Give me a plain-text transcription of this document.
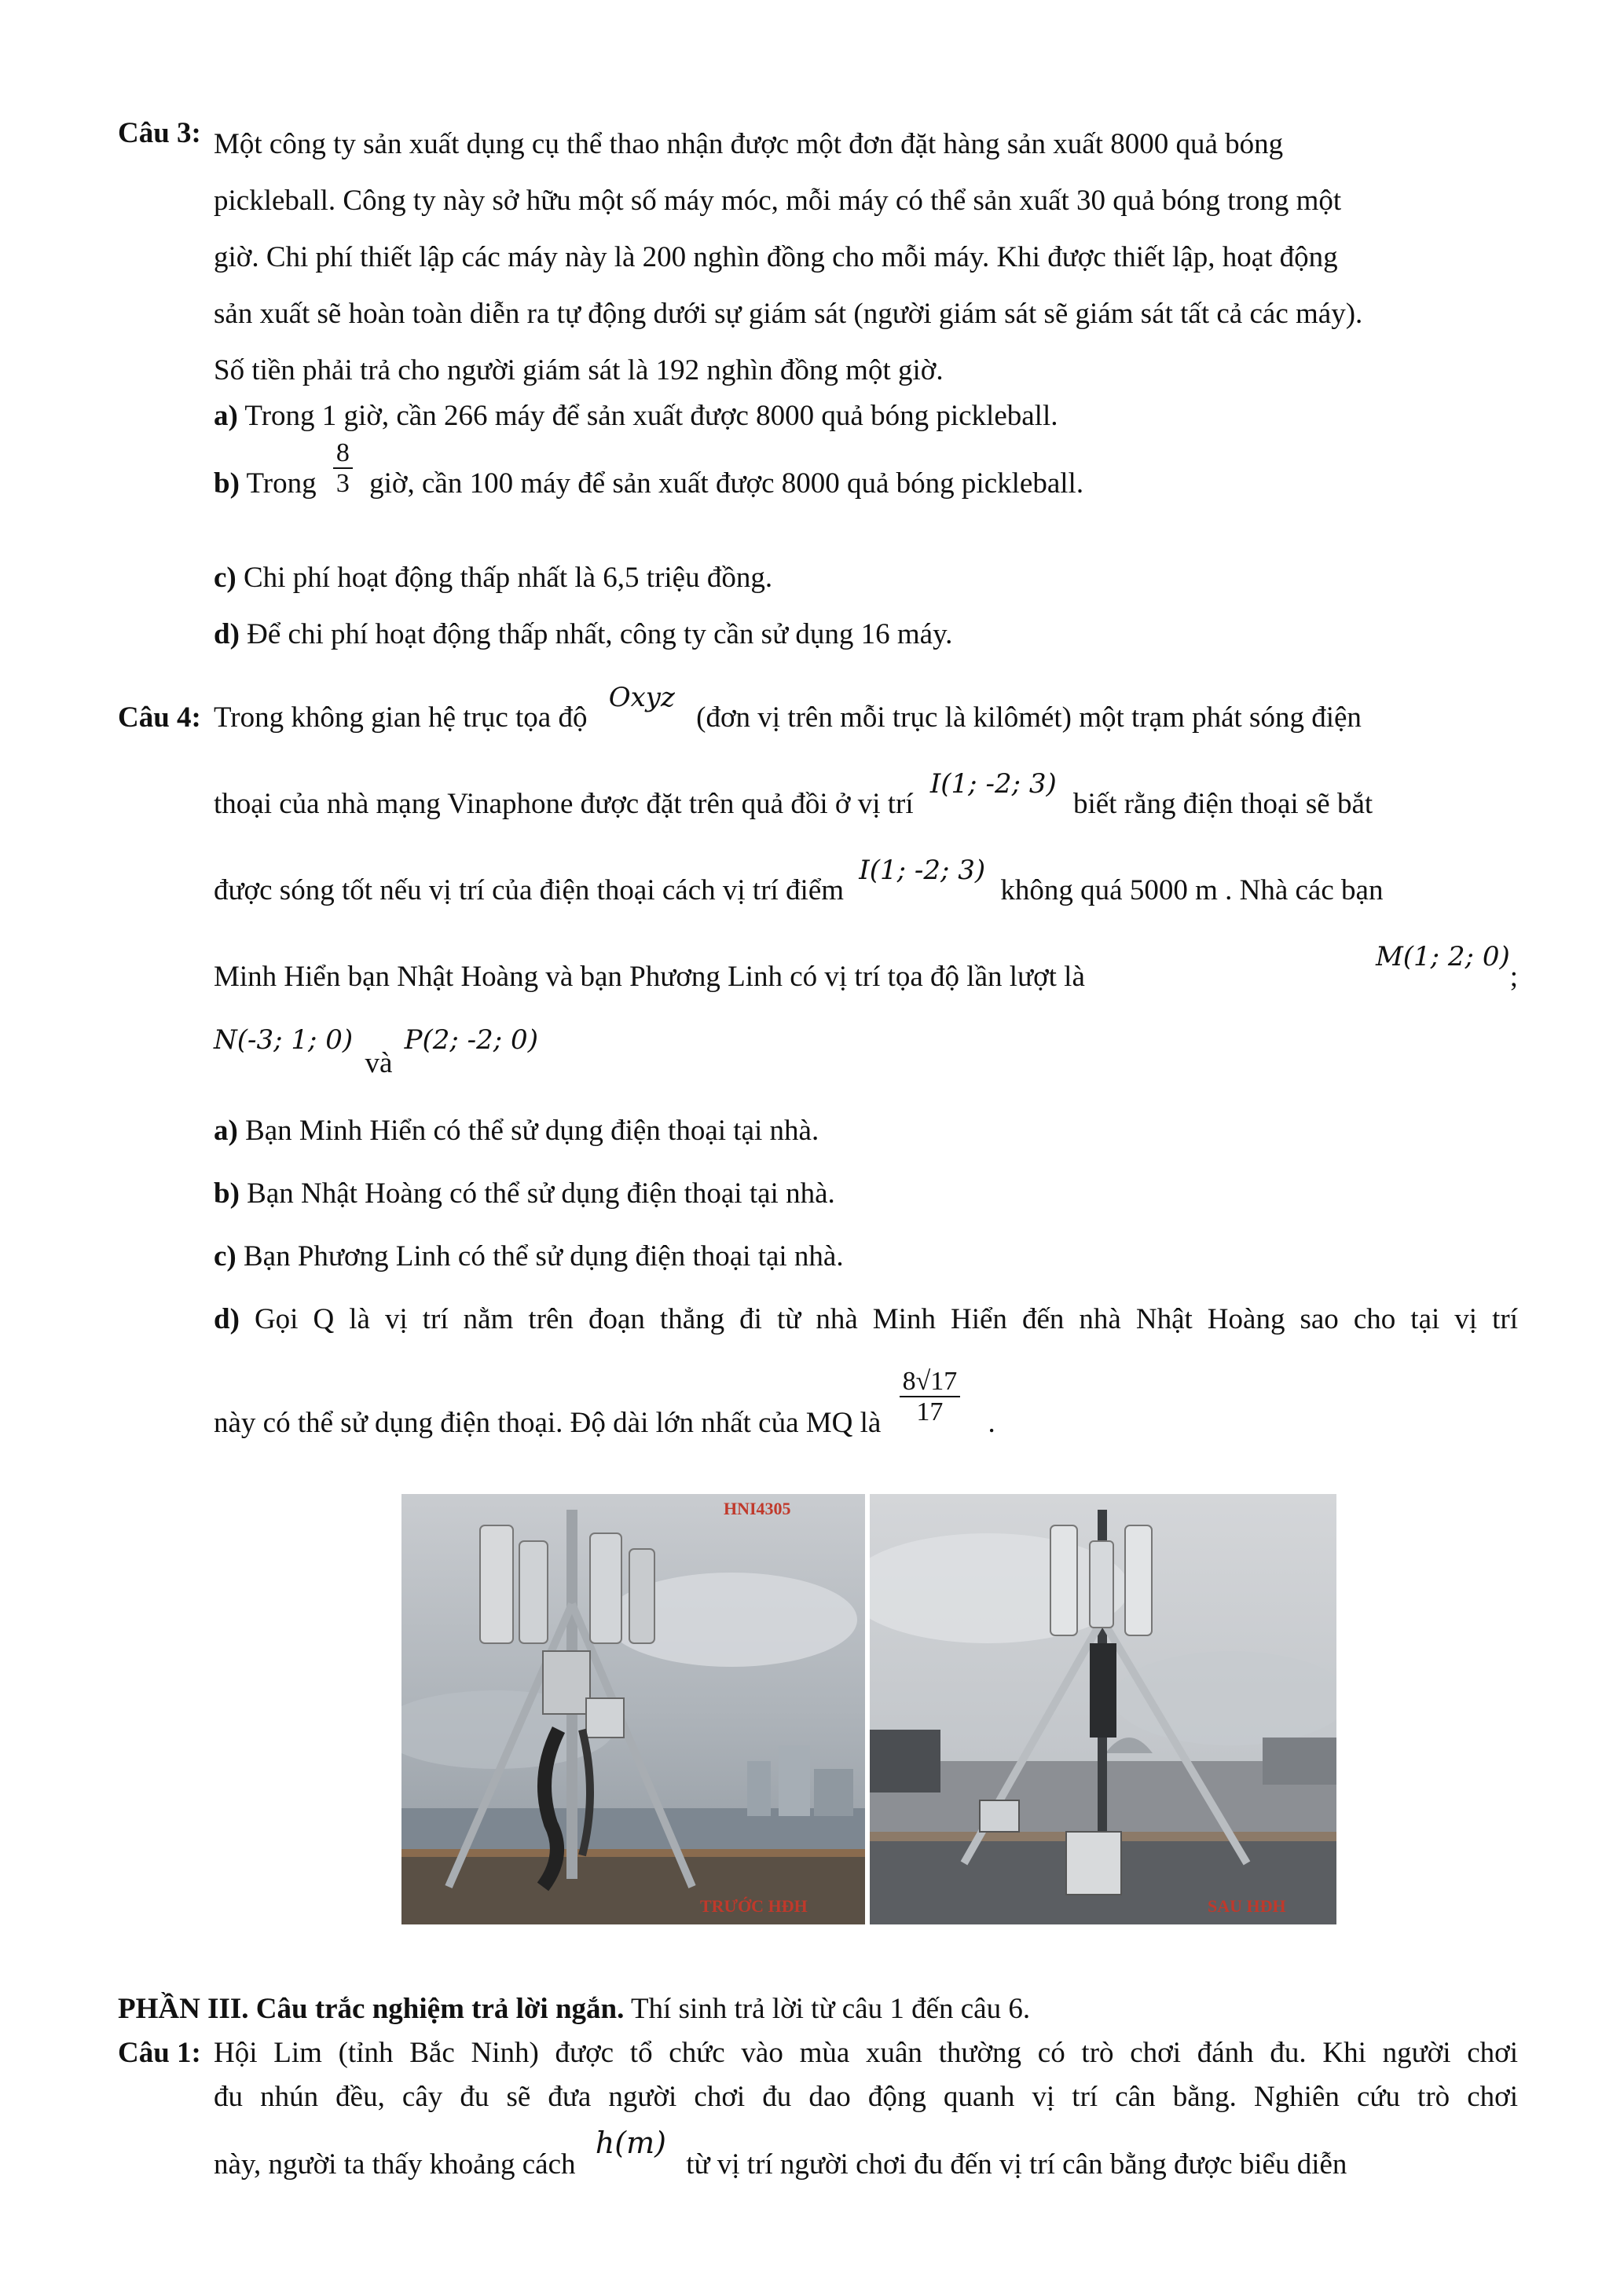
Câu 3: Một công ty sản xuất dụng cụ thể thao nhận được một đơn đặt hàng sản xuất 8000 quả bóng
pickleball. Công ty này sở hữu một số máy móc, mỗi máy có thể sản xuất 30 quả bóng trong một
giờ. Chi phí thiết lập các máy này là 200 nghìn đồng cho mỗi máy. Khi được thiết lập, hoạt động
sản xuất sẽ hoàn toàn diễn ra tự động dưới sự giám sát (người giám sát sẽ giám sát tất cả các máy).
Số tiền phải trả cho người giám sát là 192 nghìn đồng một giờ.
a) Trong 1 giờ, cần 266 máy để sản xuất được 8000 quả bóng pickleball.
b) Trong $\frac{8}{3}$ giờ, cần 100 máy để sản xuất được 8000 quả bóng pickleball.
c) Chi phí hoạt động thấp nhất là 6,5 triệu đồng.
d) Để chi phí hoạt động thấp nhất, công ty cần sử dụng 16 máy.
Câu 4: Trong không gian hệ trục tọa độ Oxyz (đơn vị trên mỗi trục là kilômét) một trạm phát sóng điện
thoại của nhà mạng Vinaphone được đặt trên quả đồi ở vị trí I(1; -2; 3) biết rằng điện thoại sẽ bắt
được sóng tốt nếu vị trí của điện thoại cách vị trí điểm I(1; -2; 3) không quá 5000 m . Nhà các bạn
Minh Hiển bạn Nhật Hoàng và bạn Phương Linh có vị trí tọa độ lần lượt là
M(1; 2; 0);
N(-3; 1; 0) và P(2; -2; 0)
a) Bạn Minh Hiển có thể sử dụng điện thoại tại nhà.
b) Bạn Nhật Hoàng có thể sử dụng điện thoại tại nhà.
c) Bạn Phương Linh có thể sử dụng điện thoại tại nhà.
d) Gọi Q là vị trí nằm trên đoạn thẳng đi từ nhà Minh Hiển đến nhà Nhật Hoàng sao cho tại vị trí
này có thể sử dụng điện thoại. Độ dài lớn nhất của MQ là $\frac{8√17}{17}$ .
HNI4305
TRƯỚC HĐH	SAU HĐH
PHẦN III. Câu trắc nghiệm trả lời ngắn. Thí sinh trả lời từ câu 1 đến câu 6.
Câu 1: Hội Lim (tỉnh Bắc Ninh) được tổ chức vào mùa xuân thường có trò chơi đánh đu. Khi người chơi
đu nhún đều, cây đu sẽ đưa người chơi đu dao động quanh vị trí cân bằng. Nghiên cứu trò chơi
này, người ta thấy khoảng cách h(m) từ vị trí người chơi đu đến vị trí cân bằng được biểu diễn
